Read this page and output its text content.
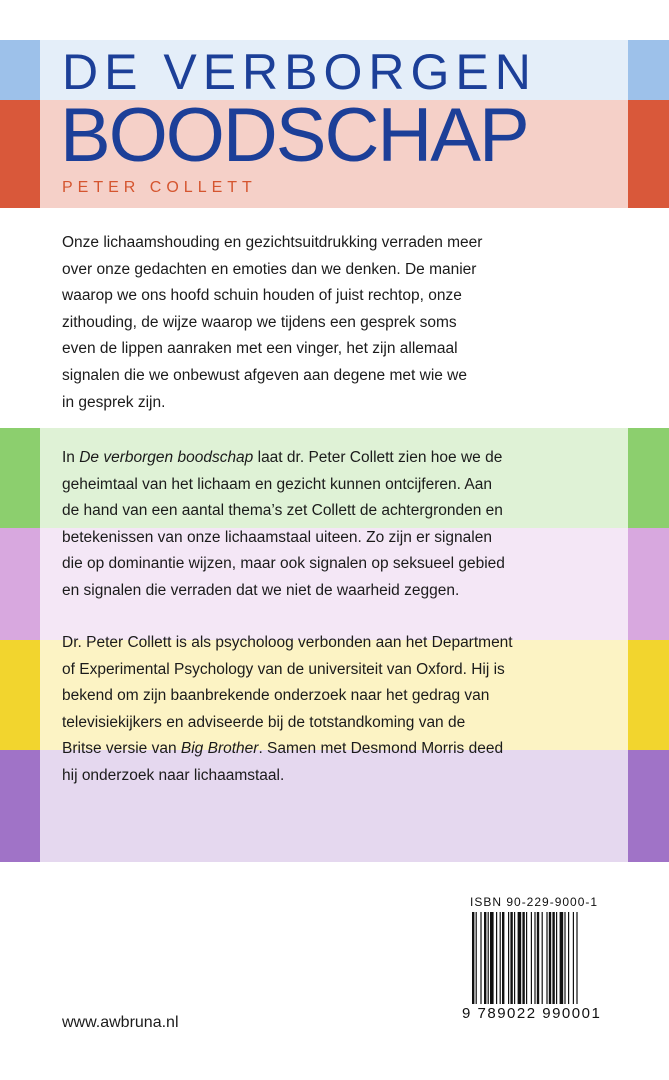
DE VERBORGEN
BOODSCHAP
PETER COLLETT
Onze lichaamshouding en gezichtsuitdrukking verraden meer
over onze gedachten en emoties dan we denken. De manier
waarop we ons hoofd schuin houden of juist rechtop, onze
zithouding, de wijze waarop we tijdens een gesprek soms
even de lippen aanraken met een vinger, het zijn allemaal
signalen die we onbewust afgeven aan degene met wie we
in gesprek zijn.
In De verborgen boodschap laat dr. Peter Collett zien hoe we de
geheimtaal van het lichaam en gezicht kunnen ontcijferen. Aan
de hand van een aantal thema’s zet Collett de achtergronden en
betekenissen van onze lichaamstaal uiteen. Zo zijn er signalen
die op dominantie wijzen, maar ook signalen op seksueel gebied
en signalen die verraden dat we niet de waarheid zeggen.
Dr. Peter Collett is als psycholoog verbonden aan het Department
of Experimental Psychology van de universiteit van Oxford. Hij is
bekend om zijn baanbrekende onderzoek naar het gedrag van
televisiekijkers en adviseerde bij de totstandkoming van de
Britse versie van Big Brother. Samen met Desmond Morris deed
hij onderzoek naar lichaamstaal.
ISBN 90-229-9000-1
9 789022 990001
www.awbruna.nl
